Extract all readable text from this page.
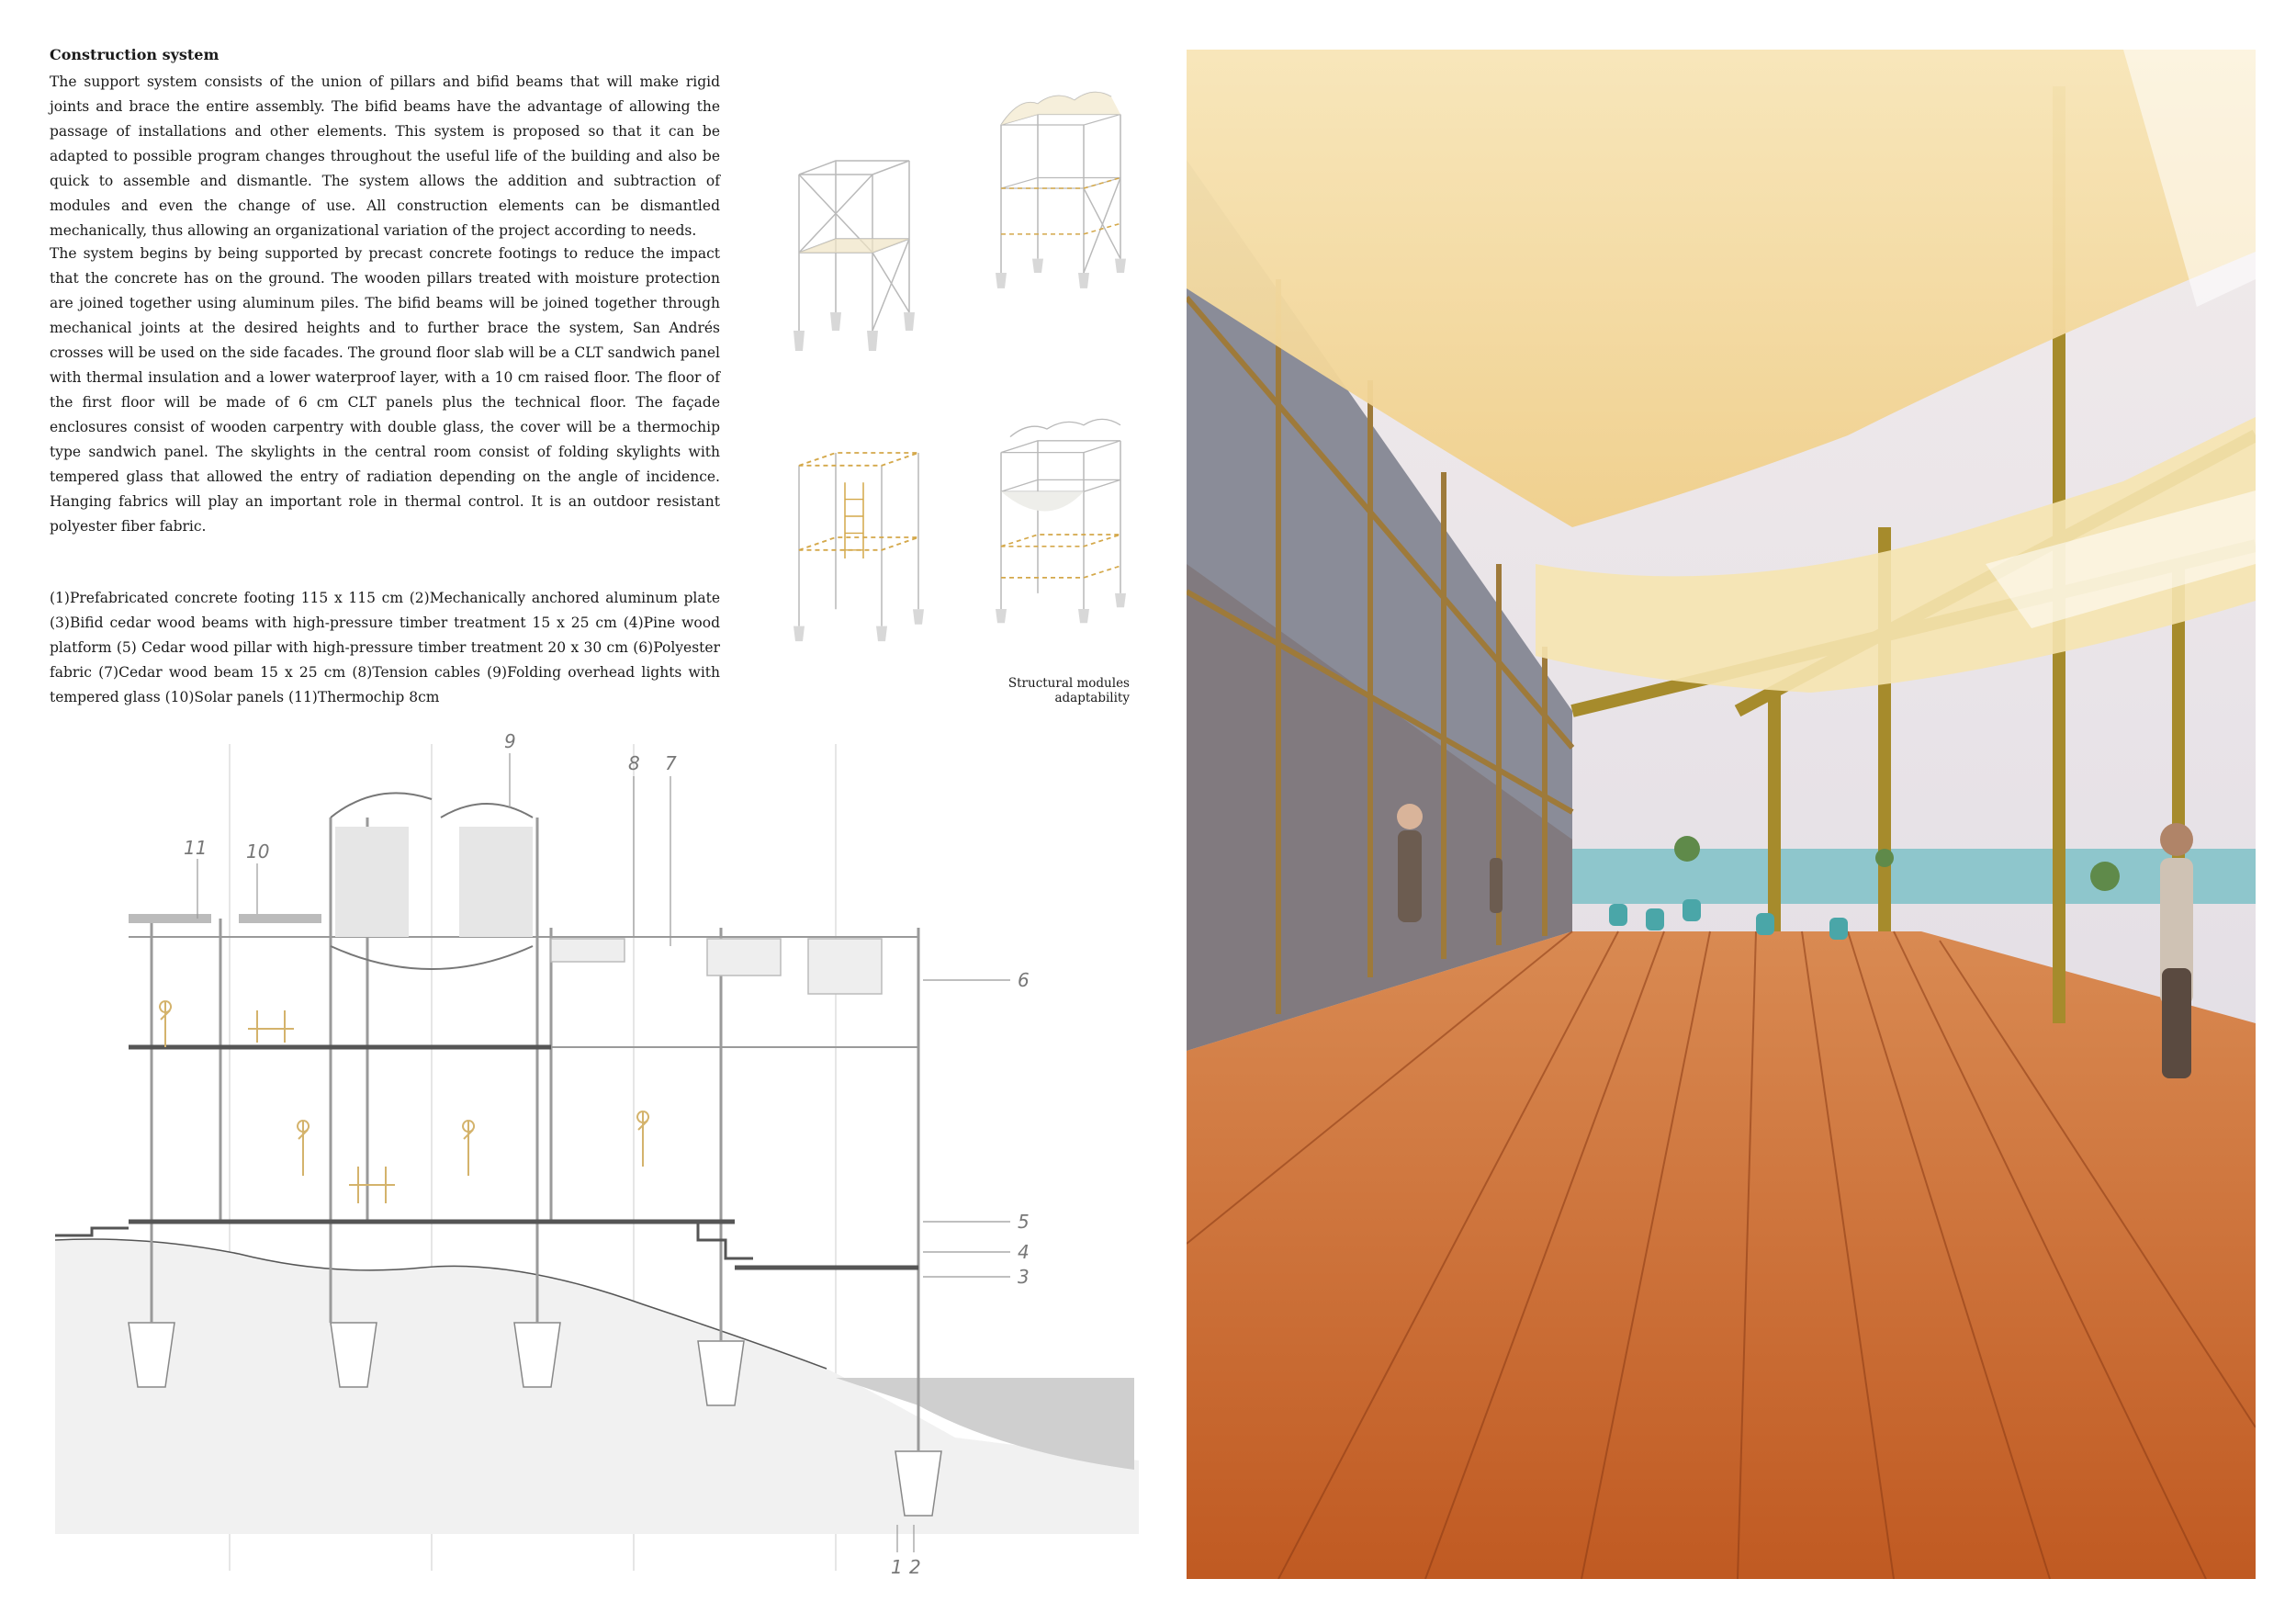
Construction system

The support system consists of the union of pillars and bifid beams that will make rigid joints and brace the entire assembly. The bifid beams have the advantage of allowing the passage of installations and other elements. This system is proposed so that it can be adapted to possible program changes throughout the useful life of the building and also be quick to assemble and dismantle. The system allows the addition and subtraction of modules and even the change of use. All construction elements can be dismantled mechanically, thus allowing an organizational variation of the project according to needs.

The system begins by being supported by precast concrete footings to reduce the impact that the concrete has on the ground. The wooden pillars treated with moisture protection are joined together using aluminum piles. The bifid beams will be joined together through mechanical joints at the desired heights and to further brace the system, San Andrés crosses will be used on the side facades. The ground floor slab will be a CLT sandwich panel with thermal insulation and a lower waterproof layer, with a 10 cm raised floor. The floor of the first floor will be made of 6 cm CLT panels plus the technical floor. The façade enclosures consist of wooden carpentry with double glass, the cover will be a thermochip type sandwich panel. The skylights in the central room consist of folding skylights with tempered glass that allowed the entry of radiation depending on the angle of incidence. Hanging fabrics will play an important role in thermal control. It is an outdoor resistant polyester fiber fabric.

(1)Prefabricated concrete footing 115 x 115 cm (2)Mechanically anchored aluminum plate (3)Bifid cedar wood beams with high-pressure timber treatment 15 x 25 cm (4)Pine wood platform (5) Cedar wood pillar with high-pressure timber treatment 20 x 30 cm (6)Polyester fabric (7)Cedar wood beam 15 x 25 cm (8)Tension cables (9)Folding overhead lights with tempered glass (10)Solar panels (11)Thermochip 8cm

Structural modules adaptability
1 2
3
4
5
6
7
8
9
10
11
